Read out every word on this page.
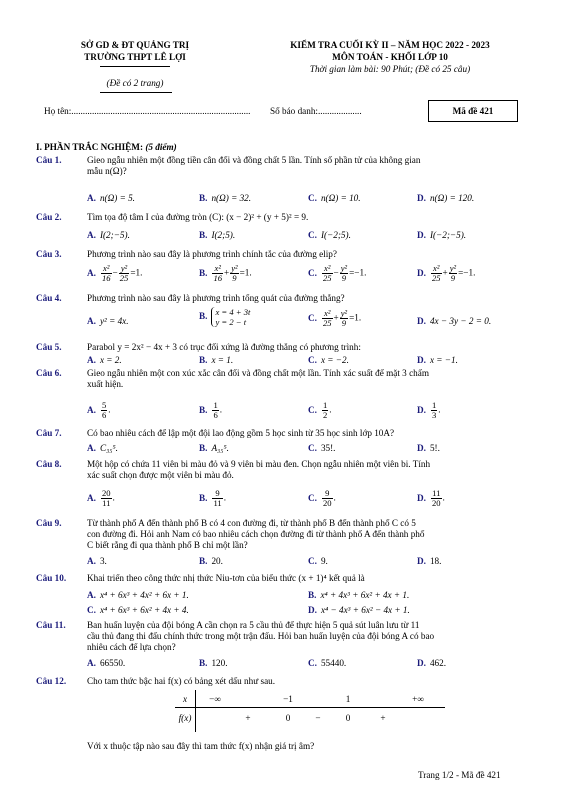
SỞ GD & ĐT QUẢNG TRỊ
TRƯỜNG THPT LÊ LỢI
(Đề có 2 trang)
KIỂM TRA CUỐI KỲ II – NĂM HỌC 2022 - 2023
MÔN TOÁN - KHỐI LỚP 10
Thời gian làm bài: 90 Phút; (Đề có 25 câu)
Họ tên:.............................................................................. Số báo danh:...................	Mã đề 421
I. PHẦN TRẮC NGHIỆM: (5 điểm)
Câu 1.	Gieo ngẫu nhiên một đồng tiền cân đối và đồng chất 5 lần. Tính số phần tử của không gian
mẫu n(Ω)?
A. n(Ω) = 5.	B. n(Ω) = 32.	C. n(Ω) = 10.	D. n(Ω) = 120.
Câu 2.	Tìm tọa độ tâm I của đường tròn (C): (x − 2)² + (y + 5)² = 9.
A. I(2;−5).	B. I(2;5).	C. I(−2;5).	D. I(−2;−5).
Câu 3.	Phương trình nào sau đây là phương trình chính tắc của đường elip?
A. $\frac{\text{x²}}{16} - \frac{\text{y²}}{25} =1$.	B. $\frac{\text{x²}}{16} + \frac{\text{y²}}{9} =1$.	C. $\frac{\text{x²}}{25} - \frac{\text{y²}}{9} =-1$.	D. $\frac{\text{x²}}{25} + \frac{\text{y²}}{9} =-1$.
Câu 4.	Phương trình nào sau đây là phương trình tổng quát của đường thẳng?
A. y² = 4x.	B. x = 4 + 3t
y = 2 − t	C. $\frac{\text{x²}}{25} + \frac{\text{y²}}{9} =1$.	D. 4x − 3y − 2 = 0.
Câu 5.	Parabol y = 2x² − 4x + 3 có trục đối xứng là đường thẳng có phương trình:
A. x = 2.	B. x = 1.	C. x = −2.	D. x = −1.
Câu 6.	Gieo ngẫu nhiên một con xúc xắc cân đối và đồng chất một lần. Tính xác suất để mặt 3 chấm
xuất hiện.
A. $\frac{5}{6}$ .	B. $\frac{1}{6}$ .	C. $\frac{1}{2}$ .	D. $\frac{1}{3}$ .
Câu 7.	Có bao nhiêu cách để lập một đội lao động gồm 5 học sinh từ 35 học sinh lớp 10A?
A. C₃₅⁵.	B. A₃₅⁵.	C. 35!.	D. 5!.
Câu 8.	Một hộp có chứa 11 viên bi màu đỏ và 9 viên bi màu đen. Chọn ngẫu nhiên một viên bi. Tính
xác suất chọn được một viên bi màu đỏ.
A. $\frac{20}{11}$ .	B. $\frac{9}{11}$ .	C. $\frac{9}{20}$ .	D. $\frac{11}{20}$ .
Câu 9.	Từ thành phố A đến thành phố B có 4 con đường đi, từ thành phố B đến thành phố C có 5
con đường đi. Hỏi anh Nam có bao nhiêu cách chọn đường đi từ thành phố A đến thành phố
C biết rằng đi qua thành phố B chỉ một lần?
A. 3.	B. 20.	C. 9.	D. 18.
Câu 10. Khai triển theo công thức nhị thức Niu-tơn của biểu thức (x + 1)⁴ kết quả là
A. x⁴ + 6x³ + 4x² + 6x + 1.	B. x⁴ + 4x³ + 6x² + 4x + 1.
C. x⁴ + 6x³ + 6x² + 4x + 4.	D. x⁴ − 4x³ + 6x² − 4x + 1.
Câu 11. Ban huấn luyện của đội bóng A cần chọn ra 5 cầu thủ để thực hiện 5 quả sút luân lưu từ 11
cầu thủ đang thi đấu chính thức trong một trận đấu. Hỏi ban huấn luyện của đội bóng A có bao
nhiêu cách để lựa chọn?
A. 66550.	B. 120.	C. 55440.	D. 462.
Câu 12. Cho tam thức bậc hai f(x) có bảng xét dấu như sau.
x	−∞	−1	1	+∞
f(x)	+	0	−	0	+
Với x thuộc tập nào sau đây thì tam thức f(x) nhận giá trị âm?
Trang 1/2 - Mã đề 421
